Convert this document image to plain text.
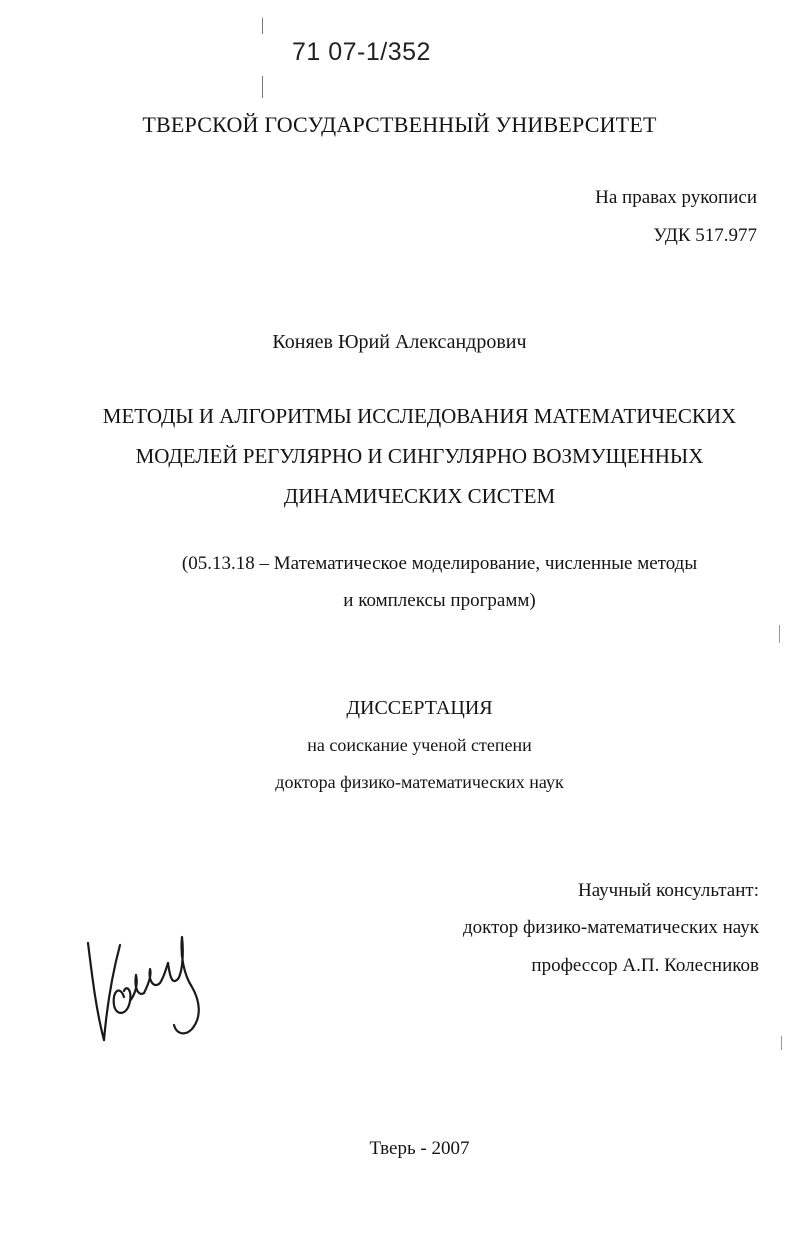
71 07-1/352
ТВЕРСКОЙ ГОСУДАРСТВЕННЫЙ УНИВЕРСИТЕТ
На правах рукописи
УДК 517.977
Коняев Юрий Александрович
МЕТОДЫ И АЛГОРИТМЫ ИССЛЕДОВАНИЯ МАТЕМАТИЧЕСКИХ
МОДЕЛЕЙ РЕГУЛЯРНО И СИНГУЛЯРНО ВОЗМУЩЕННЫХ
ДИНАМИЧЕСКИХ СИСТЕМ
(05.13.18 – Математическое моделирование, численные методы
и комплексы программ)
ДИССЕРТАЦИЯ
на соискание ученой степени
доктора физико-математических наук
Научный консультант:
доктор физико-математических наук
профессор А.П. Колесников
Тверь - 2007
